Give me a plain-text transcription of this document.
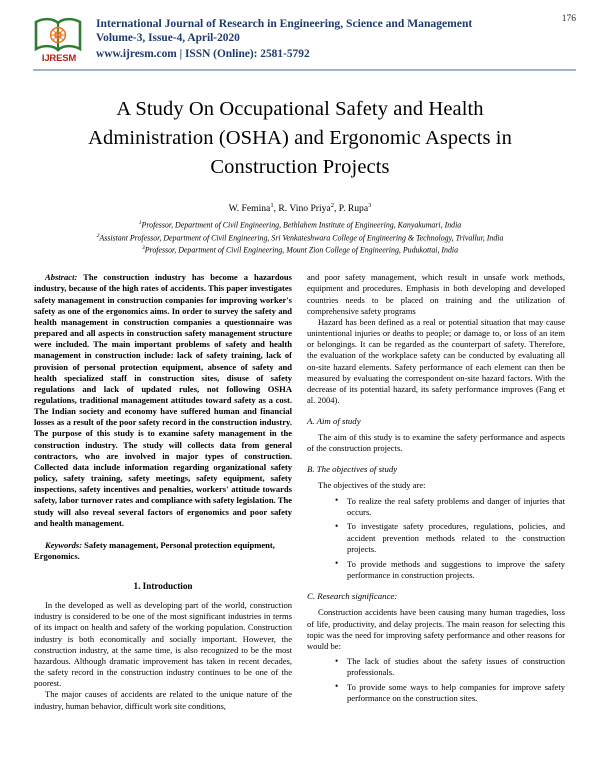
IJRESM
International Journal of Research in Engineering, Science and Management
Volume-3, Issue-4, April-2020
www.ijresm.com | ISSN (Online): 2581-5792
176
A Study On Occupational Safety and Health Administration (OSHA) and Ergonomic Aspects in Construction Projects
W. Femina$^1$, R. Vino Priya$^2$, P. Rupa$^3$
$^1$Professor, Department of Civil Engineering, Bethlahem Institute of Engineering, Kanyakumari, India
$^2$Assistant Professor, Department of Civil Engineering, Sri Venkateshwara College of Engineering & Technology, Trivallur, India
$^3$Professor, Department of Civil Engineering, Mount Zion College of Engineering, Pudukottai, India

Abstract: The construction industry has become a hazardous industry, because of the high rates of accidents. This paper investigates safety management in construction companies for improving worker's safety as one of the ergonomics aims. In order to survey the safety and health management in construction companies a questionnaire was prepared and all aspects in construction safety management structure were included. The main important problems of safety and health management in construction include: lack of safety training, lack of provision of personal protection equipment, absence of safety and health specialized staff in construction sites, disuse of safety regulations and lack of updated rules, not following OSHA regulations, traditional management attitudes toward safety as a cost. The Indian society and economy have suffered human and financial losses as a result of the poor safety record in the construction industry. The purpose of this study is to examine safety management in the construction industry. The study will collects data from general contractors, who are involved in major types of construction. Collected data include information regarding organizational safety policy, safety training, safety meetings, safety equipment, safety inspections, safety incentives and penalties, workers' attitude towards safety, labor turnover rates and compliance with safety legislation. The study will also reveal several factors of ergonomics and poor safety and health management.

Keywords: Safety management, Personal protection equipment, Ergonomics.

1. Introduction

In the developed as well as developing part of the world, construction industry is considered to be one of the most significant industries in terms of its impact on health and safety of the working population. Construction industry is both economically and socially important. However, the construction industry, at the same time, is also recognized to be the most hazardous. Although dramatic improvement has taken in recent decades, the safety record in the construction industry continues to be one of the poorest.

The major causes of accidents are related to the unique nature of the industry, human behavior, difficult work site conditions,

and poor safety management, which result in unsafe work methods, equipment and procedures. Emphasis in both developing and developed countries needs to be placed on training and the utilization of comprehensive safety programs

Hazard has been defined as a real or potential situation that may cause unintentional injuries or deaths to people; or damage to, or loss of an item or belongings. It can be regarded as the counterpart of safety. Therefore, the evaluation of the workplace safety can be conducted by evaluating all on-site hazard elements. Safety performance of each element can then be measured by evaluating the correspondent on-site hazard factors. With the decrease of its potential hazard, its safety performance improves (Fang et al. 2004).

A. Aim of study

The aim of this study is to examine the safety performance and aspects of the construction projects.

B. The objectives of study

The objectives of the study are:

• To realize the real safety problems and danger of injuries that occurs.
• To investigate safety procedures, regulations, policies, and accident prevention methods related to the construction projects.
• To provide methods and suggestions to improve the safety performance in construction projects.
C. Research significance:

Construction accidents have been causing many human tragedies, loss of life, productivity, and delay projects. The main reason for selecting this topic was the need for improving safety performance and other reasons for would be:

• The lack of studies about the safety issues of construction professionals.
• To provide some ways to help companies for improve safety performance on the construction sites.
